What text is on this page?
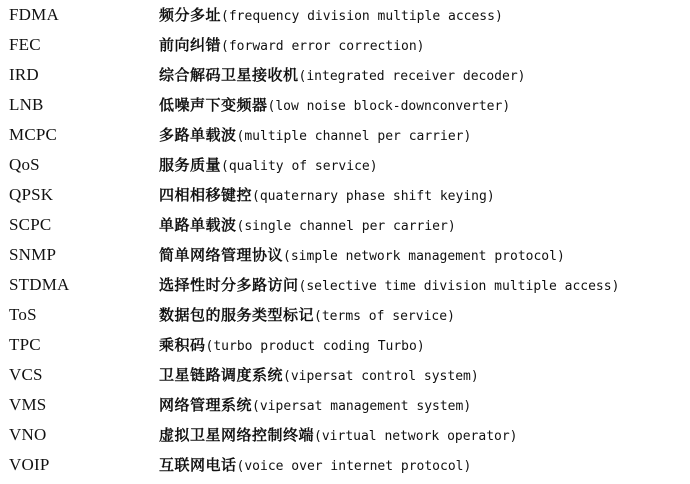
FDMA	频分多址(frequency division multiple access)
FEC	前向纠错(forward error correction)
IRD	综合解码卫星接收机(integrated receiver decoder)
LNB	低噪声下变频器(low noise block-downconverter)
MCPC	多路单载波(multiple channel per carrier)
QoS	服务质量(quality of service)
QPSK	四相相移键控(quaternary phase shift keying)
SCPC	单路单载波(single channel per carrier)
SNMP	简单网络管理协议(simple network management protocol)
STDMA	选择性时分多路访问(selective time division multiple access)
ToS	数据包的服务类型标记(terms of service)
TPC	乘积码(turbo product coding Turbo)
VCS	卫星链路调度系统(vipersat control system)
VMS	网络管理系统(vipersat management system)
VNO	虚拟卫星网络控制终端(virtual network operator)
VOIP	互联网电话(voice over internet protocol)
